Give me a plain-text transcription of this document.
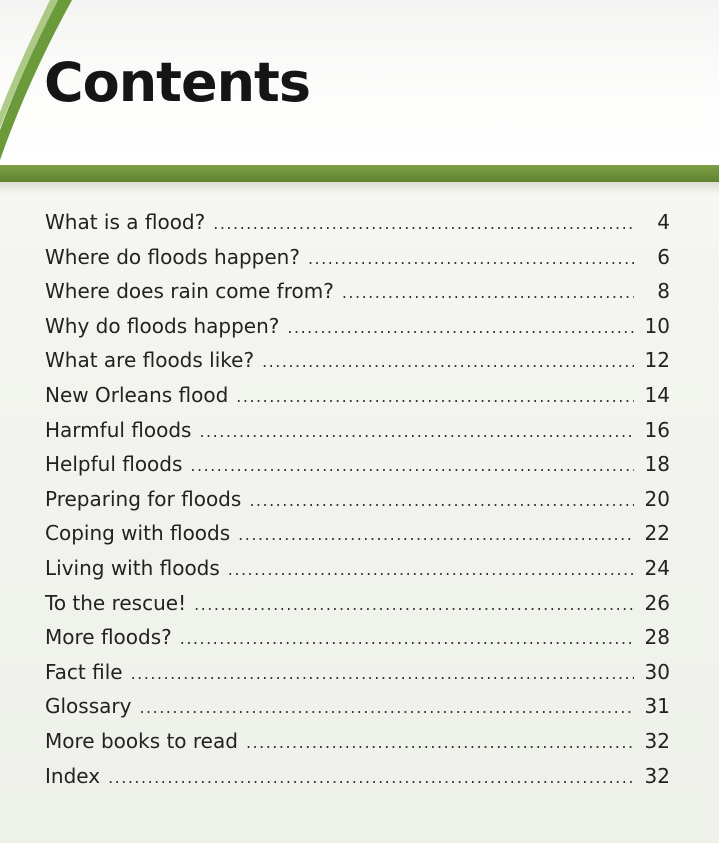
Contents
What is a flood? .....	4
Where do floods happen? .....	6
Where does rain come from? .....	8
Why do floods happen? .....	10
What are floods like? .....	12
New Orleans flood .....	14
Harmful floods .....	16
Helpful floods .....	18
Preparing for floods .....	20
Coping with floods .....	22
Living with floods .....	24
To the rescue! .....	26
More floods? .....	28
Fact file .....	30
Glossary .....	31
More books to read .....	32
Index .....	32
